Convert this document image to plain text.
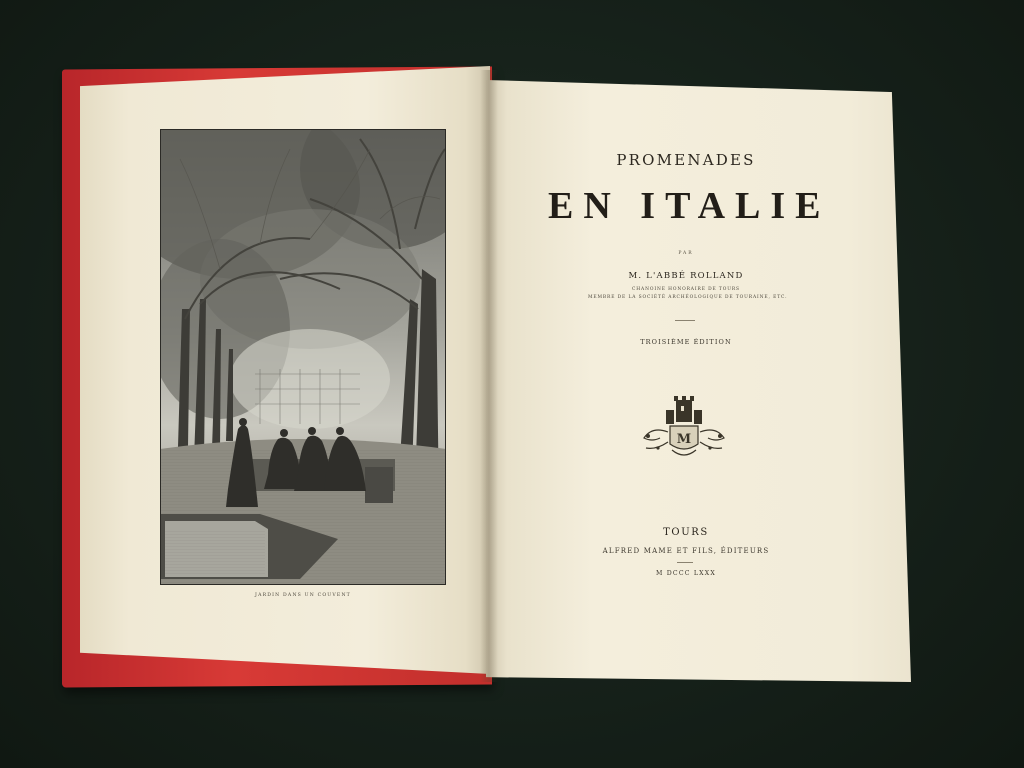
JARDIN DANS UN COUVENT
PROMENADES
EN ITALIE
PAR
M. L'ABBÉ ROLLAND
CHANOINE HONORAIRE DE TOURS
MEMBRE DE LA SOCIÉTÉ ARCHÉOLOGIQUE DE TOURAINE, ETC.
TROISIÈME ÉDITION
M
TOURS
ALFRED MAME ET FILS, ÉDITEURS
M DCCC LXXX
